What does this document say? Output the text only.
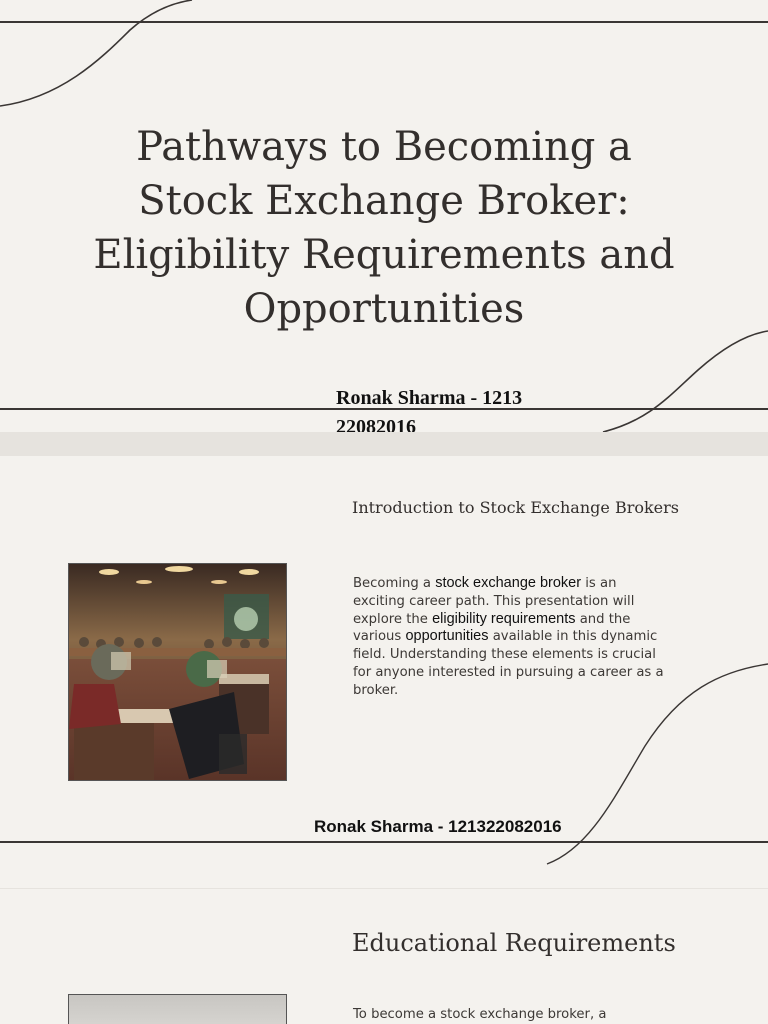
Pathways to Becoming a Stock Exchange Broker: Eligibility Requirements and Opportunities
Ronak Sharma - 121322082016
Introduction to Stock Exchange Brokers

Becoming a stock exchange broker is an exciting career path. This presentation will explore the eligibility requirements and the various opportunities available in this dynamic field. Understanding these elements is crucial for anyone interested in pursuing a career as a broker.

Ronak Sharma - 121322082016
Educational Requirements
To become a stock exchange broker, a
